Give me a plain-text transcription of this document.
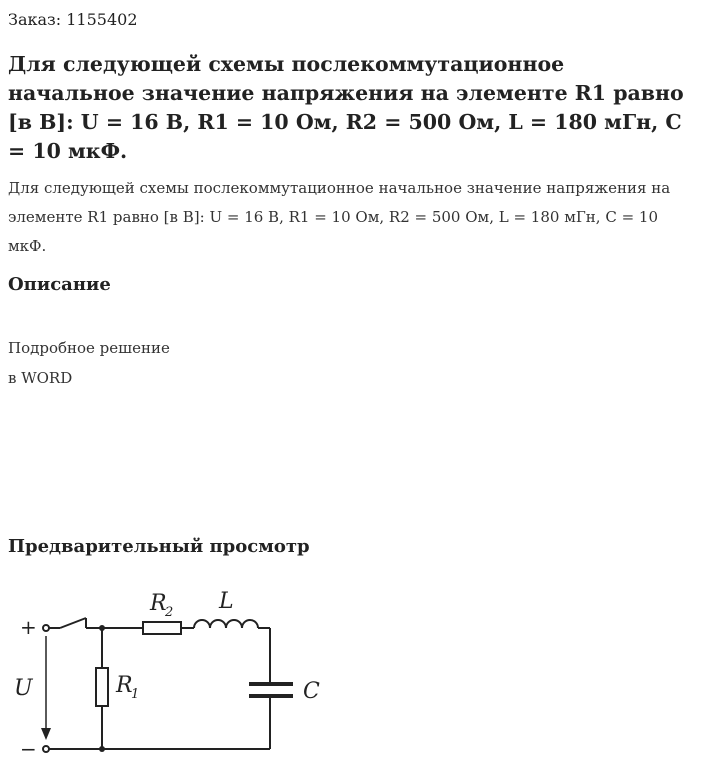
Заказ: 1155402
Для следующей схемы послекоммутационное начальное значение напряжения на элементе R1 равно [в В]: U = 16 В, R1 = 10 Ом, R2 = 500 Ом, L = 180 мГн, C = 10 мкФ.

Для следующей схемы послекоммутационное начальное значение напряжения на элементе R1 равно [в В]: U = 16 В, R1 = 10 Ом, R2 = 500 Ом, L = 180 мГн, C = 10 мкФ.

Описание
Подробное решение
в WORD
Предварительный просмотр
+
−
U	R
1
R
2 L
C
